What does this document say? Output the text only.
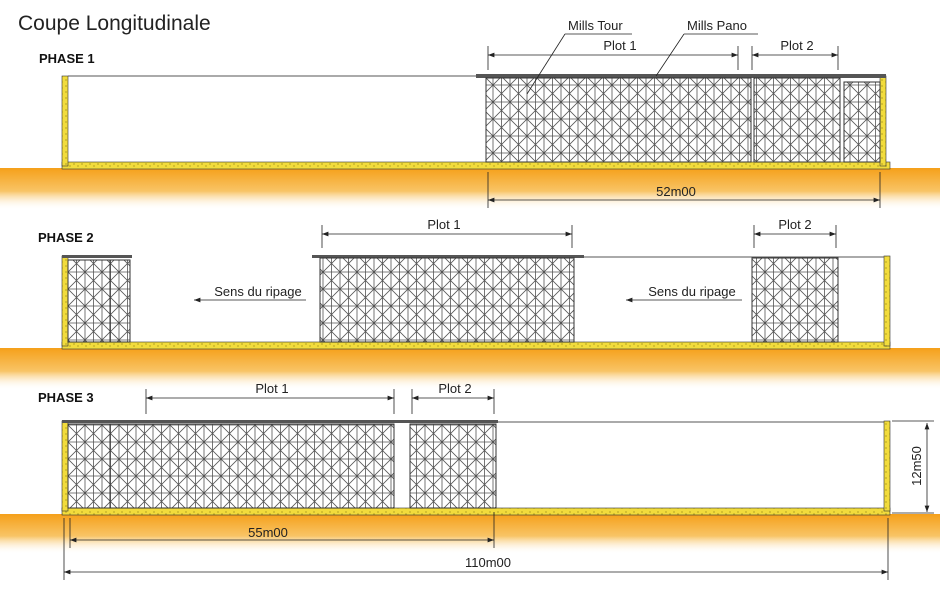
Coupe Longitudinale
PHASE 1
PHASE 2
PHASE 3
Plot 1	Plot 2
Mills Tour	Mills Pano
52m00
Plot 1	Plot 2
Sens du ripage	Sens du ripage
Plot 1	Plot 2
55m00
110m00
12m50
